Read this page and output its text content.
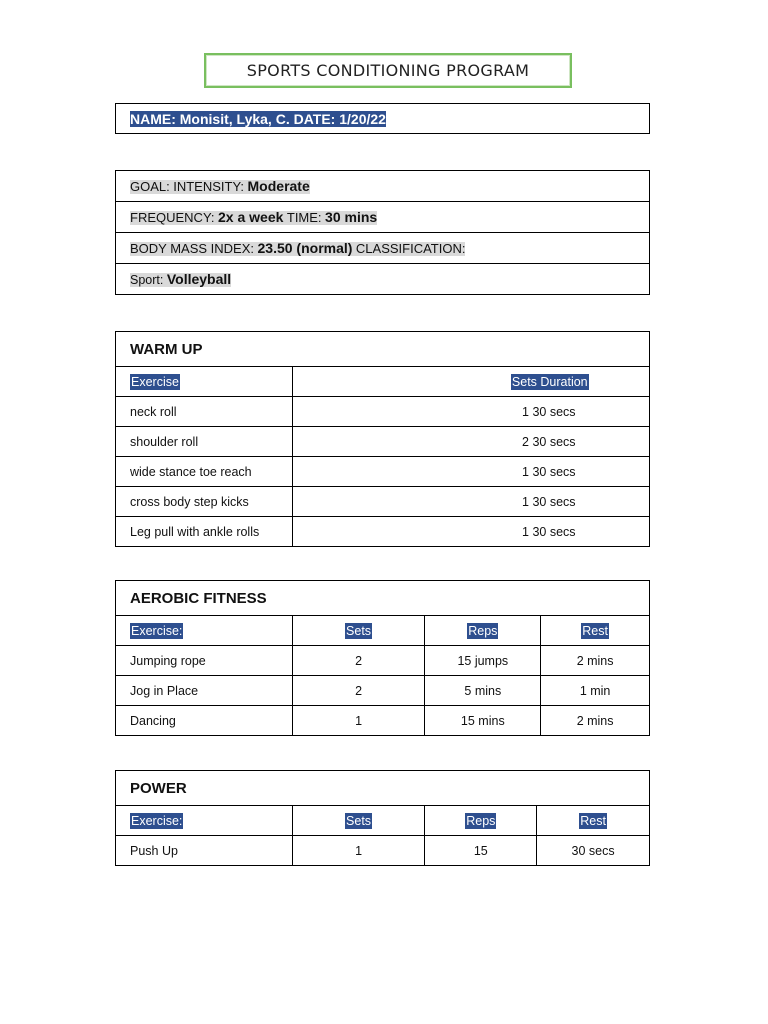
SPORTS CONDITIONING PROGRAM
NAME: Monisit, Lyka, C. DATE: 1/20/22
GOAL: INTENSITY: Moderate
FREQUENCY: 2x a week TIME: 30 mins
BODY MASS INDEX: 23.50 (normal) CLASSIFICATION:
Sport: Volleyball
WARM UP	
Exercise	Sets Duration
neck roll	1 30 secs
shoulder roll	2 30 secs
wide stance toe reach	1 30 secs
cross body step kicks	1 30 secs
Leg pull with ankle rolls	1 30 secs
AEROBIC FITNESS			
Exercise:	Sets	Reps	Rest
Jumping rope	2	15 jumps	2 mins
Jog in Place	2	5 mins	1 min
Dancing	1	15 mins	2 mins
POWER			
Exercise:	Sets	Reps	Rest
Push Up	1	15	30 secs
